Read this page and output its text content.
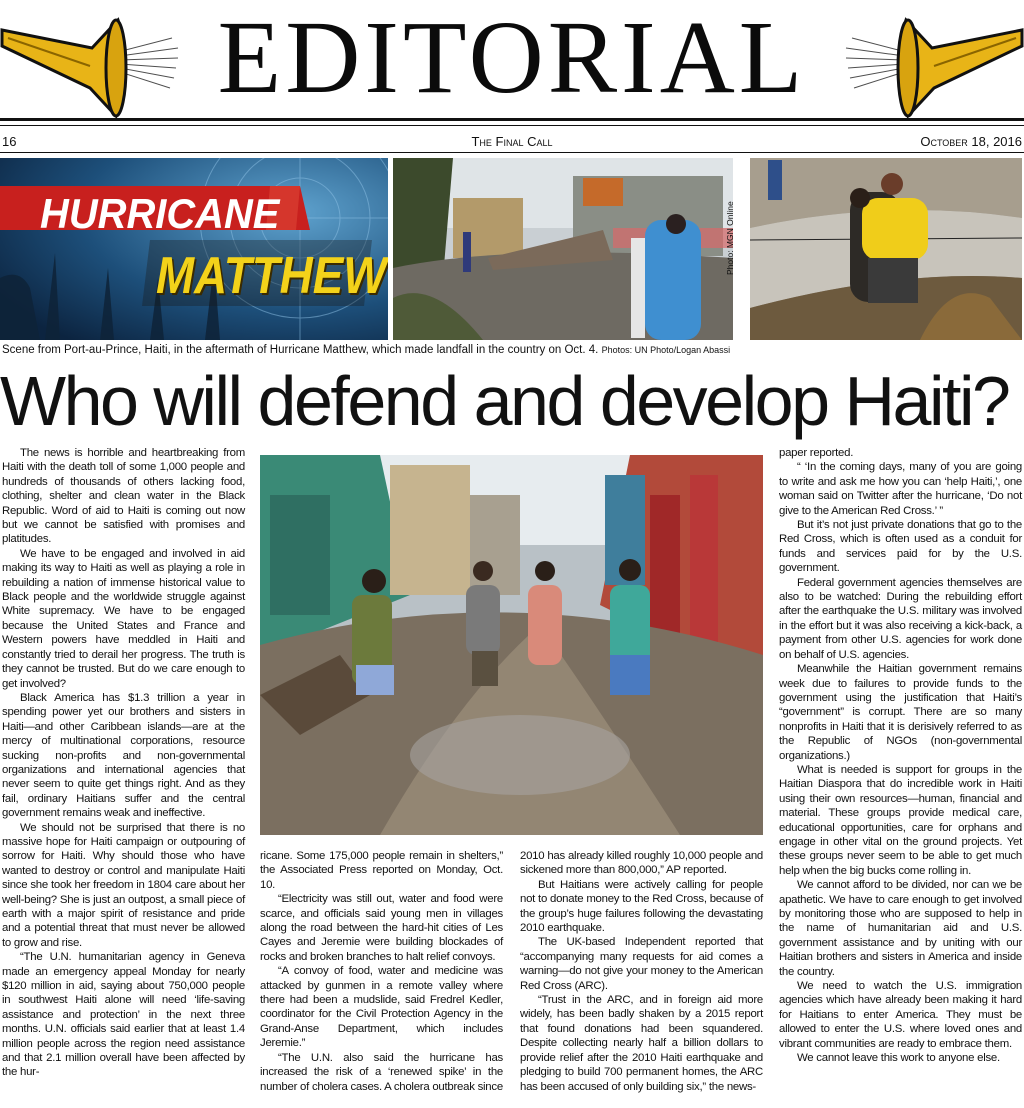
EDITORIAL
16	The Final Call	October 18, 2016
HURRICANE
MATTHEW
Photo: MGN Online
Scene from Port-au-Prince, Haiti, in the aftermath of Hurricane Matthew, which made landfall in the country on Oct. 4. Photos: UN Photo/Logan Abassi
Who will defend and develop Haiti?

The news is horrible and heartbreaking from Haiti with the death toll of some 1,000 people and hundreds of thousands of others lacking food, clothing, shelter and clean water in the Black Republic. Word of aid to Haiti is coming out now but we cannot be satisfied with promises and platitudes.

We have to be engaged and involved in aid making its way to Haiti as well as playing a role in rebuilding a nation of immense historical value to Black people and the worldwide struggle against White supremacy. We have to be engaged because the United States and France and Western powers have meddled in Haiti and constantly tried to derail her progress. The truth is they cannot be trusted. But do we care enough to get involved?

Black America has $1.3 trillion a year in spending power yet our brothers and sisters in Haiti—and other Caribbean islands—are at the mercy of multinational corporations, resource sucking non-profits and non-governmental organizations and international agencies that never seem to quite get things right. And as they fail, ordinary Haitians suffer and the central government remains weak and ineffective.

We should not be surprised that there is no massive hope for Haiti campaign or outpouring of sorrow for Haiti. Why should those who have wanted to destroy or control and manipulate Haiti since she took her freedom in 1804 care about her well-being? She is just an outpost, a small piece of earth with a major spirit of resistance and pride and a potential threat that must never be allowed to grow and rise.

“The U.N. humanitarian agency in Geneva made an emergency appeal Monday for nearly $120 million in aid, saying about 750,000 people in southwest Haiti alone will need ‘life-saving assistance and protection’ in the next three months. U.N. officials said earlier that at least 1.4 million people across the region need assistance and that 2.1 million overall have been affected by the hur-

ricane. Some 175,000 people remain in shelters,” the Associated Press reported on Monday, Oct. 10.

“Electricity was still out, water and food were scarce, and officials said young men in villages along the road between the hard-hit cities of Les Cayes and Jeremie were building blockades of rocks and broken branches to halt relief convoys.

“A convoy of food, water and medicine was attacked by gunmen in a remote valley where there had been a mudslide, said Fredrel Kedler, coordinator for the Civil Protection Agency in the Grand-Anse Department, which includes Jeremie.”

“The U.N. also said the hurricane has increased the risk of a ‘renewed spike’ in the number of cholera cases. A cholera outbreak since

2010 has already killed roughly 10,000 people and sickened more than 800,000,” AP reported.

But Haitians were actively calling for people not to donate money to the Red Cross, because of the group’s huge failures following the devastating 2010 earthquake.

The UK-based Independent reported that “accompanying many requests for aid comes a warning—do not give your money to the American Red Cross (ARC).

“Trust in the ARC, and in foreign aid more widely, has been badly shaken by a 2015 report that found donations had been squandered. Despite collecting nearly half a billion dollars to provide relief after the 2010 Haiti earthquake and pledging to build 700 permanent homes, the ARC has been accused of only building six,” the news-

paper reported.

“ ‘In the coming days, many of you are going to write and ask me how you can ‘help Haiti,’, one woman said on Twitter after the hurricane, ‘Do not give to the American Red Cross.’ ”

But it’s not just private donations that go to the Red Cross, which is often used as a conduit for funds and services paid for by the U.S. government.

Federal government agencies themselves are also to be watched: During the rebuilding effort after the earthquake the U.S. military was involved in the effort but it was also receiving a kick-back, a payment from other U.S. agencies for work done on behalf of U.S. agencies.

Meanwhile the Haitian government remains week due to failures to provide funds to the government using the justification that Haiti’s “government” is corrupt. There are so many nonprofits in Haiti that it is derisively referred to as the Republic of NGOs (non-governmental organizations.)

What is needed is support for groups in the Haitian Diaspora that do incredible work in Haiti using their own resources—human, financial and material. These groups provide medical care, educational opportunities, care for orphans and engage in other vital on the ground projects. Yet these groups never seem to be able to get much help when the big bucks come rolling in.

We cannot afford to be divided, nor can we be apathetic. We have to care enough to get involved by monitoring those who are supposed to help in the name of humanitarian aid and U.S. government assistance and by uniting with our Haitian brothers and sisters in America and inside the country.

We need to watch the U.S. immigration agencies which have already been making it hard for Haitians to enter America. They must be allowed to enter the U.S. where loved ones and vibrant communities are ready to embrace them.

We cannot leave this work to anyone else.
